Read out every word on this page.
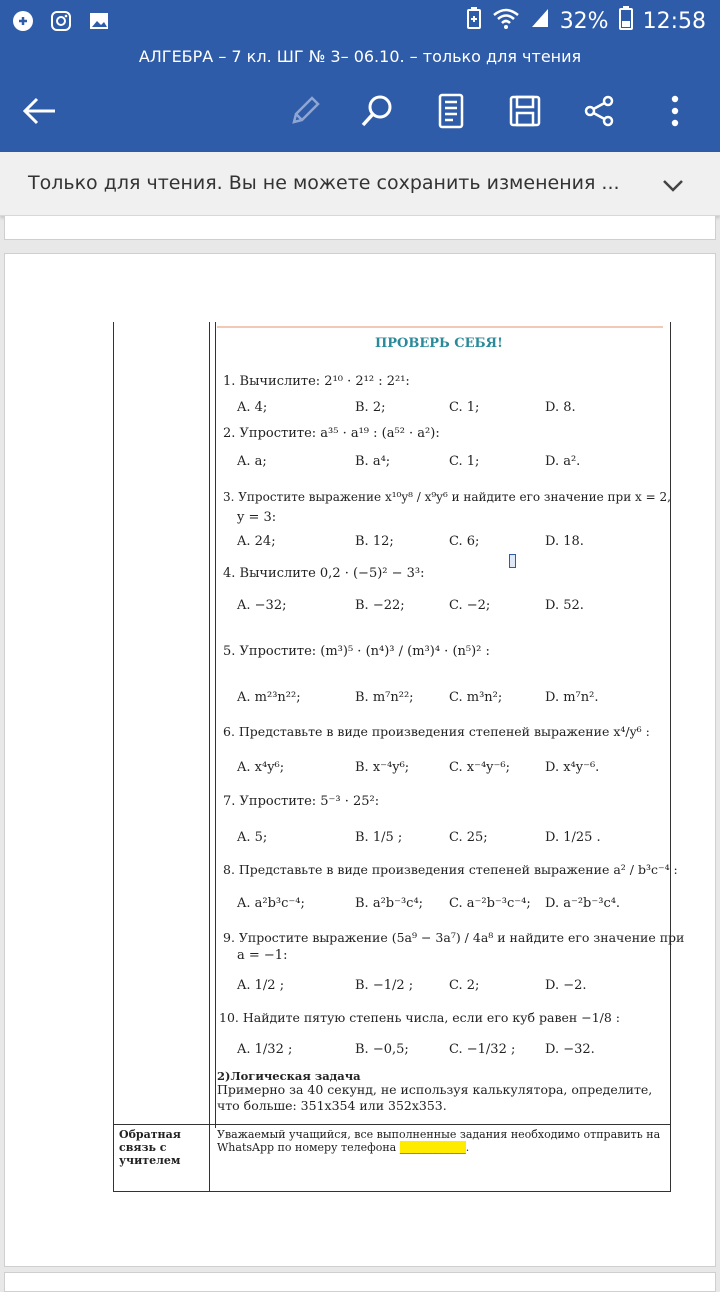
32% 12:58
АЛГЕБРА – 7 кл. ШГ № 3– 06.10. – только для чтения
Только для чтения. Вы не можете сохранить изменения ...
ПРОВЕРЬ СЕБЯ!
1. Вычислите: 2¹⁰ · 2¹² : 2²¹:
A. 4;	B. 2;	C. 1;	D. 8.
2. Упростите: a³⁵ · a¹⁹ : (a⁵² · a²):
A. a;	B. a⁴;	C. 1;	D. a².
3. Упростите выражение x¹⁰y⁸ / x⁹y⁶ и найдите его значение при x = 2,
y = 3:
A. 24;	B. 12;	C. 6;	D. 18.
4. Вычислите 0,2 · (−5)² − 3³:
A. −32;	B. −22;	C. −2;	D. 52.
5. Упростите: (m³)⁵ · (n⁴)³ / (m³)⁴ · (n⁵)² :
A. m²³n²²;	B. m⁷n²²;	C. m³n²;	D. m⁷n².
6. Представьте в виде произведения степеней выражение x⁴/y⁶ :
A. x⁴y⁶;	B. x⁻⁴y⁶;	C. x⁻⁴y⁻⁶;	D. x⁴y⁻⁶.
7. Упростите: 5⁻³ · 25²:
A. 5;	B. 1/5 ;	C. 25;	D. 1/25 .
8. Представьте в виде произведения степеней выражение a² / b³c⁻⁴ :
A. a²b³c⁻⁴;	B. a²b⁻³c⁴; C. a⁻²b⁻³c⁻⁴; D. a⁻²b⁻³c⁴.
9. Упростите выражение (5a⁹ − 3a⁷) / 4a⁸ и найдите его значение при
a = −1:
A. 1/2 ;	B. −1/2 ;	C. 2;	D. −2.
10. Найдите пятую степень числа, если его куб равен −1/8 :
A. 1/32 ;	B. −0,5;	C. −1/32 ; D. −32.
2)Логическая задача
Примерно за 40 секунд, не используя калькулятора, определите, что больше: 351x354 или 352x353.
Обратная связь с учителем
Уважаемый учащийся, все выполненные задания необходимо отправить на WhatsApp по номеру телефона ____________.
